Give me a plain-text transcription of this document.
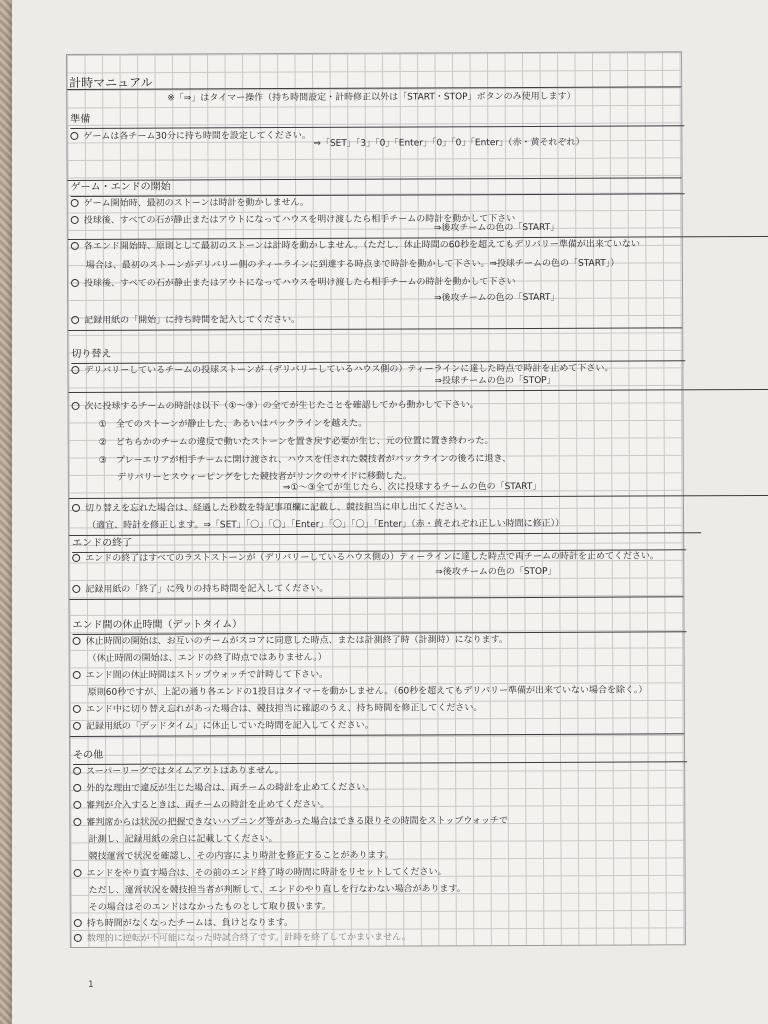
計時マニュアル
※「⇒」はタイマー操作（持ち時間設定・計時修正以外は「START・STOP」ボタンのみ使用します）
準備
ゲームは各チーム30分に持ち時間を設定してください。
⇒「SET」「3」「0」「Enter」「0」「0」「Enter」（赤・黄それぞれ）
ゲーム・エンドの開始
ゲーム開始時、最初のストーンは時計を動かしません。
投球後、すべての石が静止またはアウトになってハウスを明け渡したら相手チームの時計を動かして下さい
⇒後攻チームの色の「START」
各エンド開始時、原則として最初のストーンは計時を動かしません。（ただし、休止時間の60秒を超えてもデリバリー準備が出来ていない
場合は、最初のストーンがデリバリー側のティーラインに到達する時点まで時計を動かして下さい。⇒投球チームの色の「START」）
投球後、すべての石が静止またはアウトになってハウスを明け渡したら相手チームの時計を動かして下さい
⇒後攻チームの色の「START」
記録用紙の「開始」に持ち時間を記入してください。
切り替え
デリバリーしているチームの投球ストーンが（デリバリーしているハウス側の）ティーラインに達した時点で時計を止めて下さい。
⇒投球チームの色の「STOP」
次に投球するチームの時計は以下（①～③）の全てが生じたことを確認してから動かして下さい。
①　全てのストーンが静止した、あるいはバックラインを越えた。
②　どちらかのチームの違反で動いたストーンを置き戻す必要が生じ、元の位置に置き終わった。
③　プレーエリアが相手チームに開け渡され、ハウスを任された競技者がバックラインの後ろに退き、
デリバリーとスウィーピングをした競技者がリンクのサイドに移動した。
⇒①～③全てが生じたら、次に投球するチームの色の「START」
切り替えを忘れた場合は、経過した秒数を特記事項欄に記載し、競技担当に申し出てください。
（適宜、時計を修正します。⇒「SET」「〇」「〇」「Enter」「〇」「〇」「Enter」（赤・黄それぞれ正しい時間に修正））
エンドの終了
エンドの終了はすべてのラストストーンが（デリバリーしているハウス側の）ティーラインに達した時点で両チームの時計を止めてください。
⇒後攻チームの色の「STOP」
記録用紙の「終了」に残りの持ち時間を記入してください。
エンド間の休止時間（デットタイム）
休止時間の開始は、お互いのチームがスコアに同意した時点、または計測終了時（計測時）になります。
（休止時間の開始は、エンドの終了時点ではありません。）
エンド間の休止時間はストップウォッチで計時して下さい。
原則60秒ですが、上記の通り各エンドの1投目はタイマーを動かしません。（60秒を超えてもデリバリー準備が出来ていない場合を除く。）
エンド中に切り替え忘れがあった場合は、競技担当に確認のうえ、持ち時間を修正してください。
記録用紙の「デッドタイム」に休止していた時間を記入してください。
その他
スーパーリーグではタイムアウトはありません。
外的な理由で違反が生じた場合は、両チームの時計を止めてください。
審判が介入するときは、両チームの時計を止めてください。
審判席からは状況の把握できないハプニング等があった場合はできる限りその時間をストップウォッチで
計測し、記録用紙の余白に記載してください。
競技運営で状況を確認し、その内容により時計を修正することがあります。
エンドをやり直す場合は、その前のエンド終了時の時間に時計をリセットしてください。
ただし、運営状況を競技担当者が判断して、エンドのやり直しを行なわない場合があります。
その場合はそのエンドはなかったものとして取り扱います。
持ち時間がなくなったチームは、負けとなります。
数理的に逆転が不可能になった時試合終了です。計時を終了してかまいません。
1
